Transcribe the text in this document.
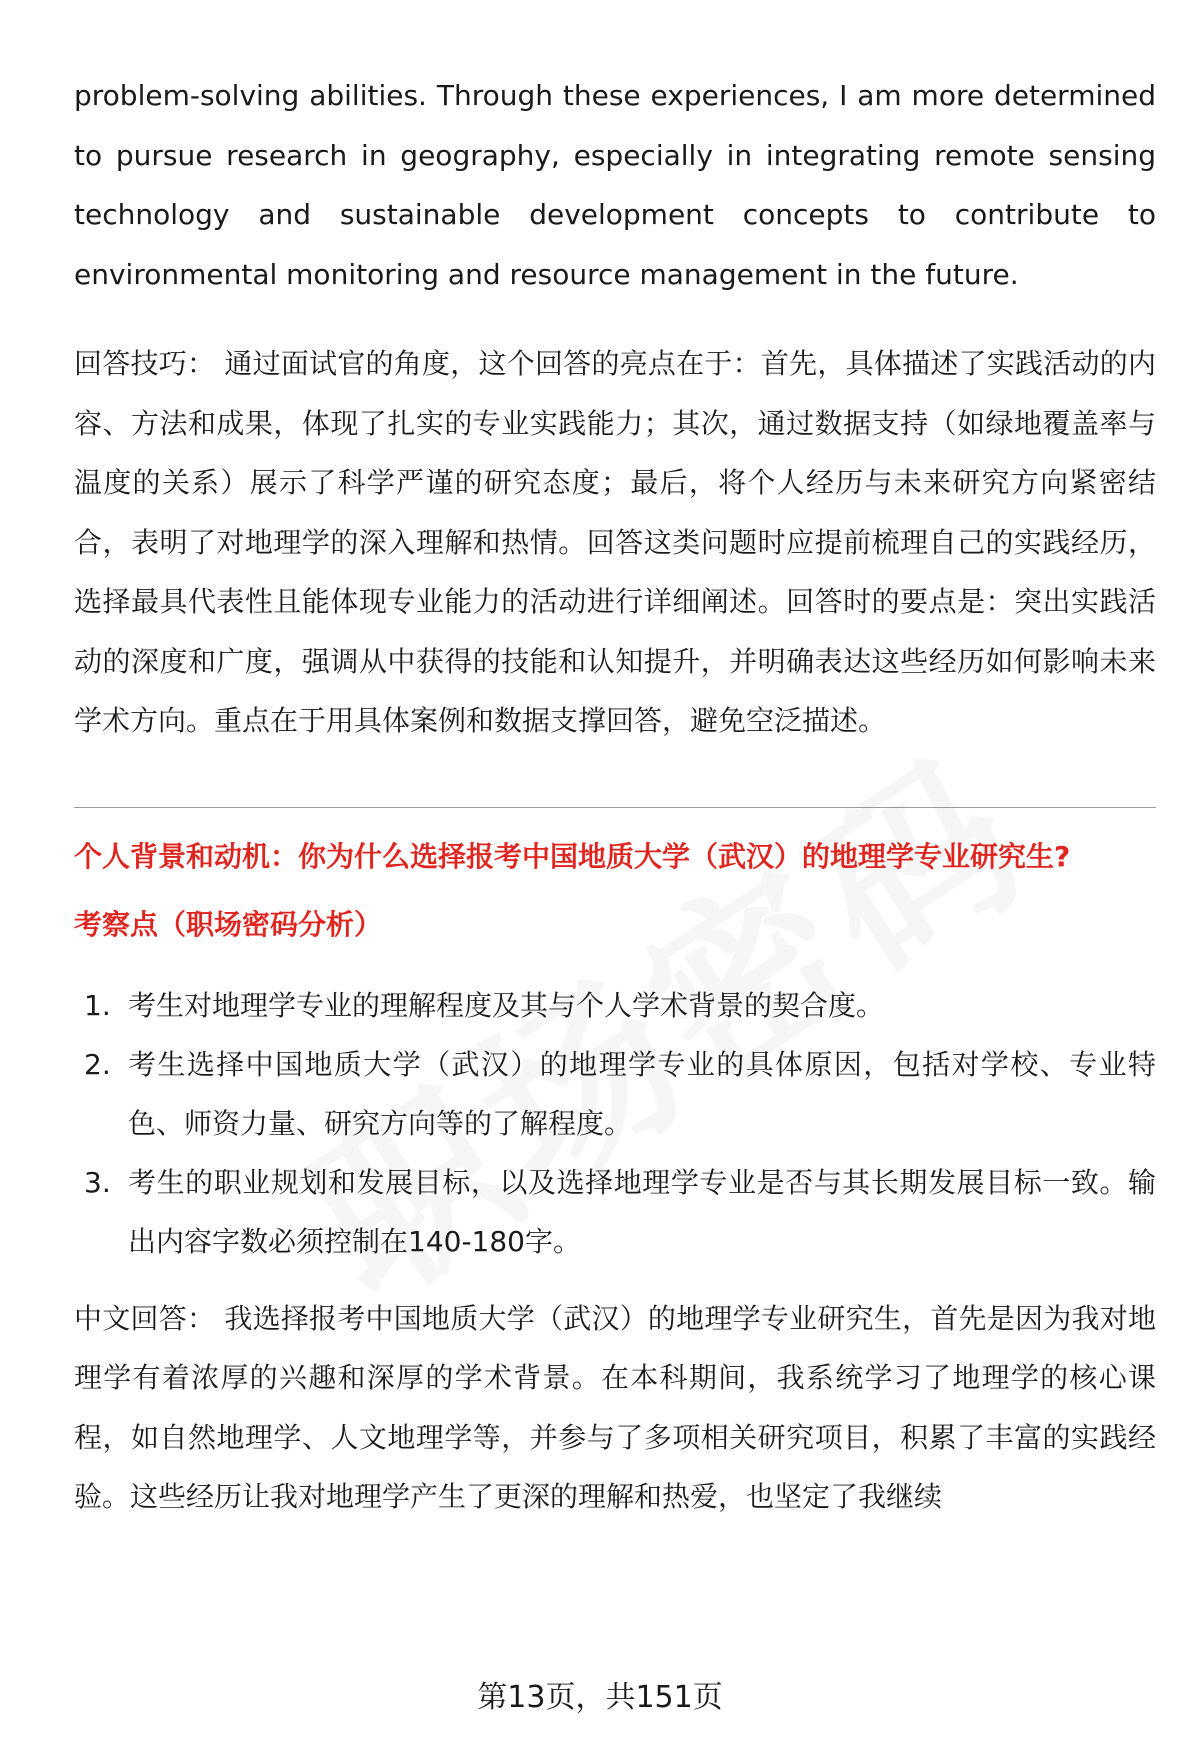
problem-solving abilities. Through these experiences, I am more determined to pursue research in geography, especially in integrating remote sensing technology and sustainable development concepts to contribute to environmental monitoring and resource management in the future.

回答技巧： 通过面试官的角度，这个回答的亮点在于：首先，具体描述了实践活动的内容、方法和成果，体现了扎实的专业实践能力；其次，通过数据支持（如绿地覆盖率与温度的关系）展示了科学严谨的研究态度；最后，将个人经历与未来研究方向紧密结合，表明了对地理学的深入理解和热情。回答这类问题时应提前梳理自己的实践经历，选择最具代表性且能体现专业能力的活动进行详细阐述。回答时的要点是：突出实践活动的深度和广度，强调从中获得的技能和认知提升，并明确表达这些经历如何影响未来学术方向。重点在于用具体案例和数据支撑回答，避免空泛描述。

个人背景和动机：你为什么选择报考中国地质大学（武汉）的地理学专业研究生?

考察点（职场密码分析）

1. 考生对地理学专业的理解程度及其与个人学术背景的契合度。
2. 考生选择中国地质大学（武汉）的地理学专业的具体原因，包括对学校、专业特色、师资力量、研究方向等的了解程度。
3. 考生的职业规划和发展目标，以及选择地理学专业是否与其长期发展目标一致。输出内容字数必须控制在140-180字。

中文回答： 我选择报考中国地质大学（武汉）的地理学专业研究生，首先是因为我对地理学有着浓厚的兴趣和深厚的学术背景。在本科期间，我系统学习了地理学的核心课程，如自然地理学、人文地理学等，并参与了多项相关研究项目，积累了丰富的实践经验。这些经历让我对地理学产生了更深的理解和热爱，也坚定了我继续

第13页，共151页
